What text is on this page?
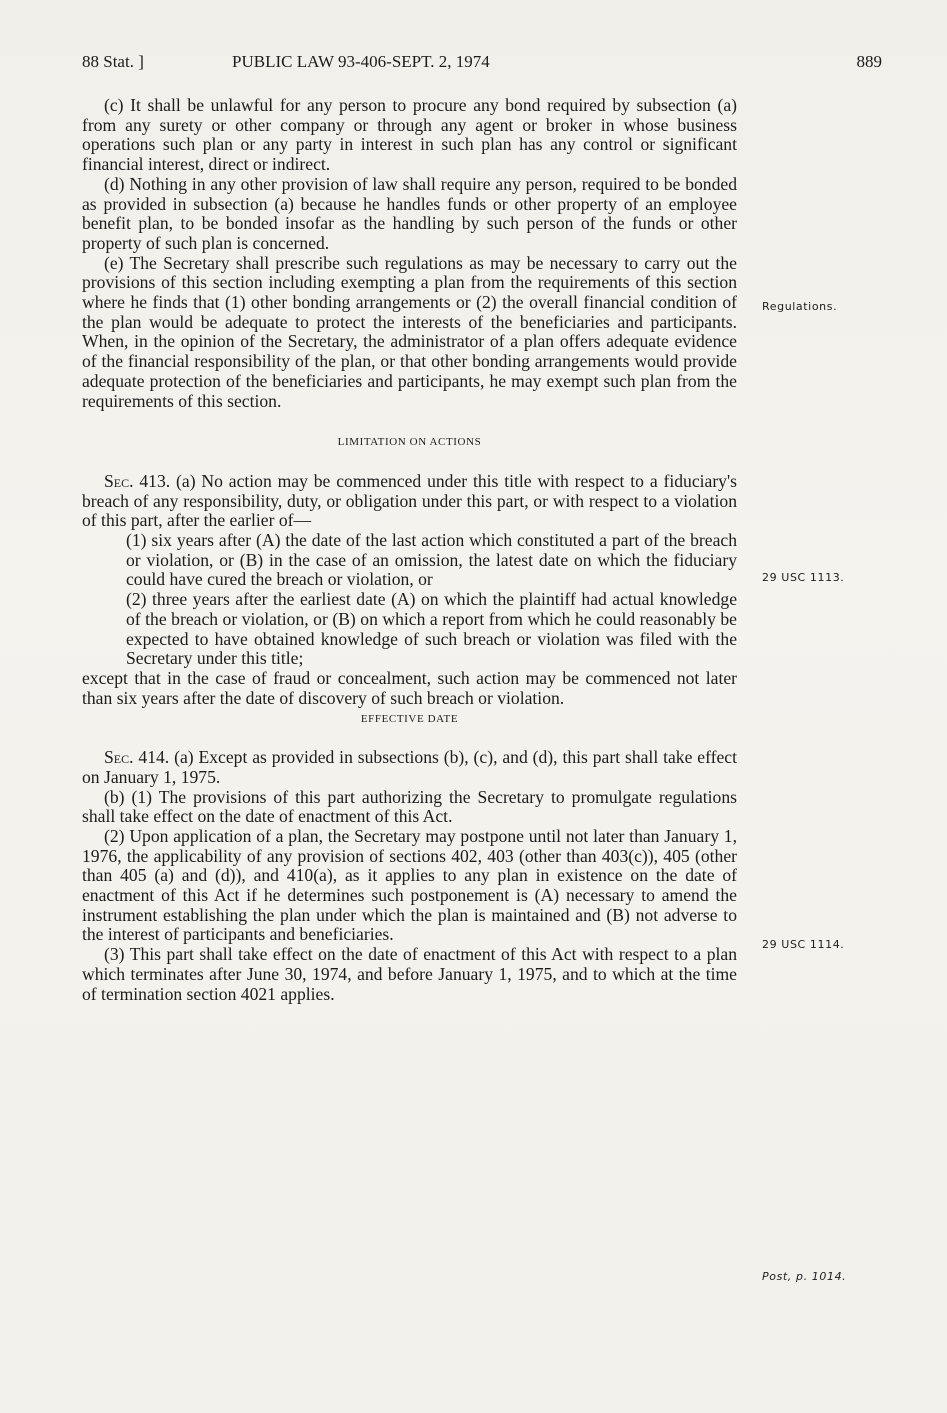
88 Stat. ]	PUBLIC LAW 93-406-SEPT. 2, 1974	889

(c) It shall be unlawful for any person to procure any bond required by subsection (a) from any surety or other company or through any agent or broker in whose business operations such plan or any party in interest in such plan has any control or significant financial interest, direct or indirect.

(d) Nothing in any other provision of law shall require any person, required to be bonded as provided in subsection (a) because he handles funds or other property of an employee benefit plan, to be bonded insofar as the handling by such person of the funds or other property of such plan is concerned.

(e) The Secretary shall prescribe such regulations as may be necessary to carry out the provisions of this section including exempting a plan from the requirements of this section where he finds that (1) other bonding arrangements or (2) the overall financial condition of the plan would be adequate to protect the interests of the beneficiaries and participants. When, in the opinion of the Secretary, the administrator of a plan offers adequate evidence of the financial responsibility of the plan, or that other bonding arrangements would provide adequate protection of the beneficiaries and participants, he may exempt such plan from the requirements of this section.

LIMITATION ON ACTIONS

Sec. 413. (a) No action may be commenced under this title with respect to a fiduciary's breach of any responsibility, duty, or obligation under this part, or with respect to a violation of this part, after the earlier of—

(1) six years after (A) the date of the last action which constituted a part of the breach or violation, or (B) in the case of an omission, the latest date on which the fiduciary could have cured the breach or violation, or

(2) three years after the earliest date (A) on which the plaintiff had actual knowledge of the breach or violation, or (B) on which a report from which he could reasonably be expected to have obtained knowledge of such breach or violation was filed with the Secretary under this title;

except that in the case of fraud or concealment, such action may be commenced not later than six years after the date of discovery of such breach or violation.

EFFECTIVE DATE

Sec. 414. (a) Except as provided in subsections (b), (c), and (d), this part shall take effect on January 1, 1975.

(b) (1) The provisions of this part authorizing the Secretary to promulgate regulations shall take effect on the date of enactment of this Act.

(2) Upon application of a plan, the Secretary may postpone until not later than January 1, 1976, the applicability of any provision of sections 402, 403 (other than 403(c)), 405 (other than 405 (a) and (d)), and 410(a), as it applies to any plan in existence on the date of enactment of this Act if he determines such postponement is (A) necessary to amend the instrument establishing the plan under which the plan is maintained and (B) not adverse to the interest of participants and beneficiaries.

(3) This part shall take effect on the date of enactment of this Act with respect to a plan which terminates after June 30, 1974, and before January 1, 1975, and to which at the time of termination section 4021 applies.

Regulations.
29 USC 1113.
29 USC 1114.
Post, p. 1014.
